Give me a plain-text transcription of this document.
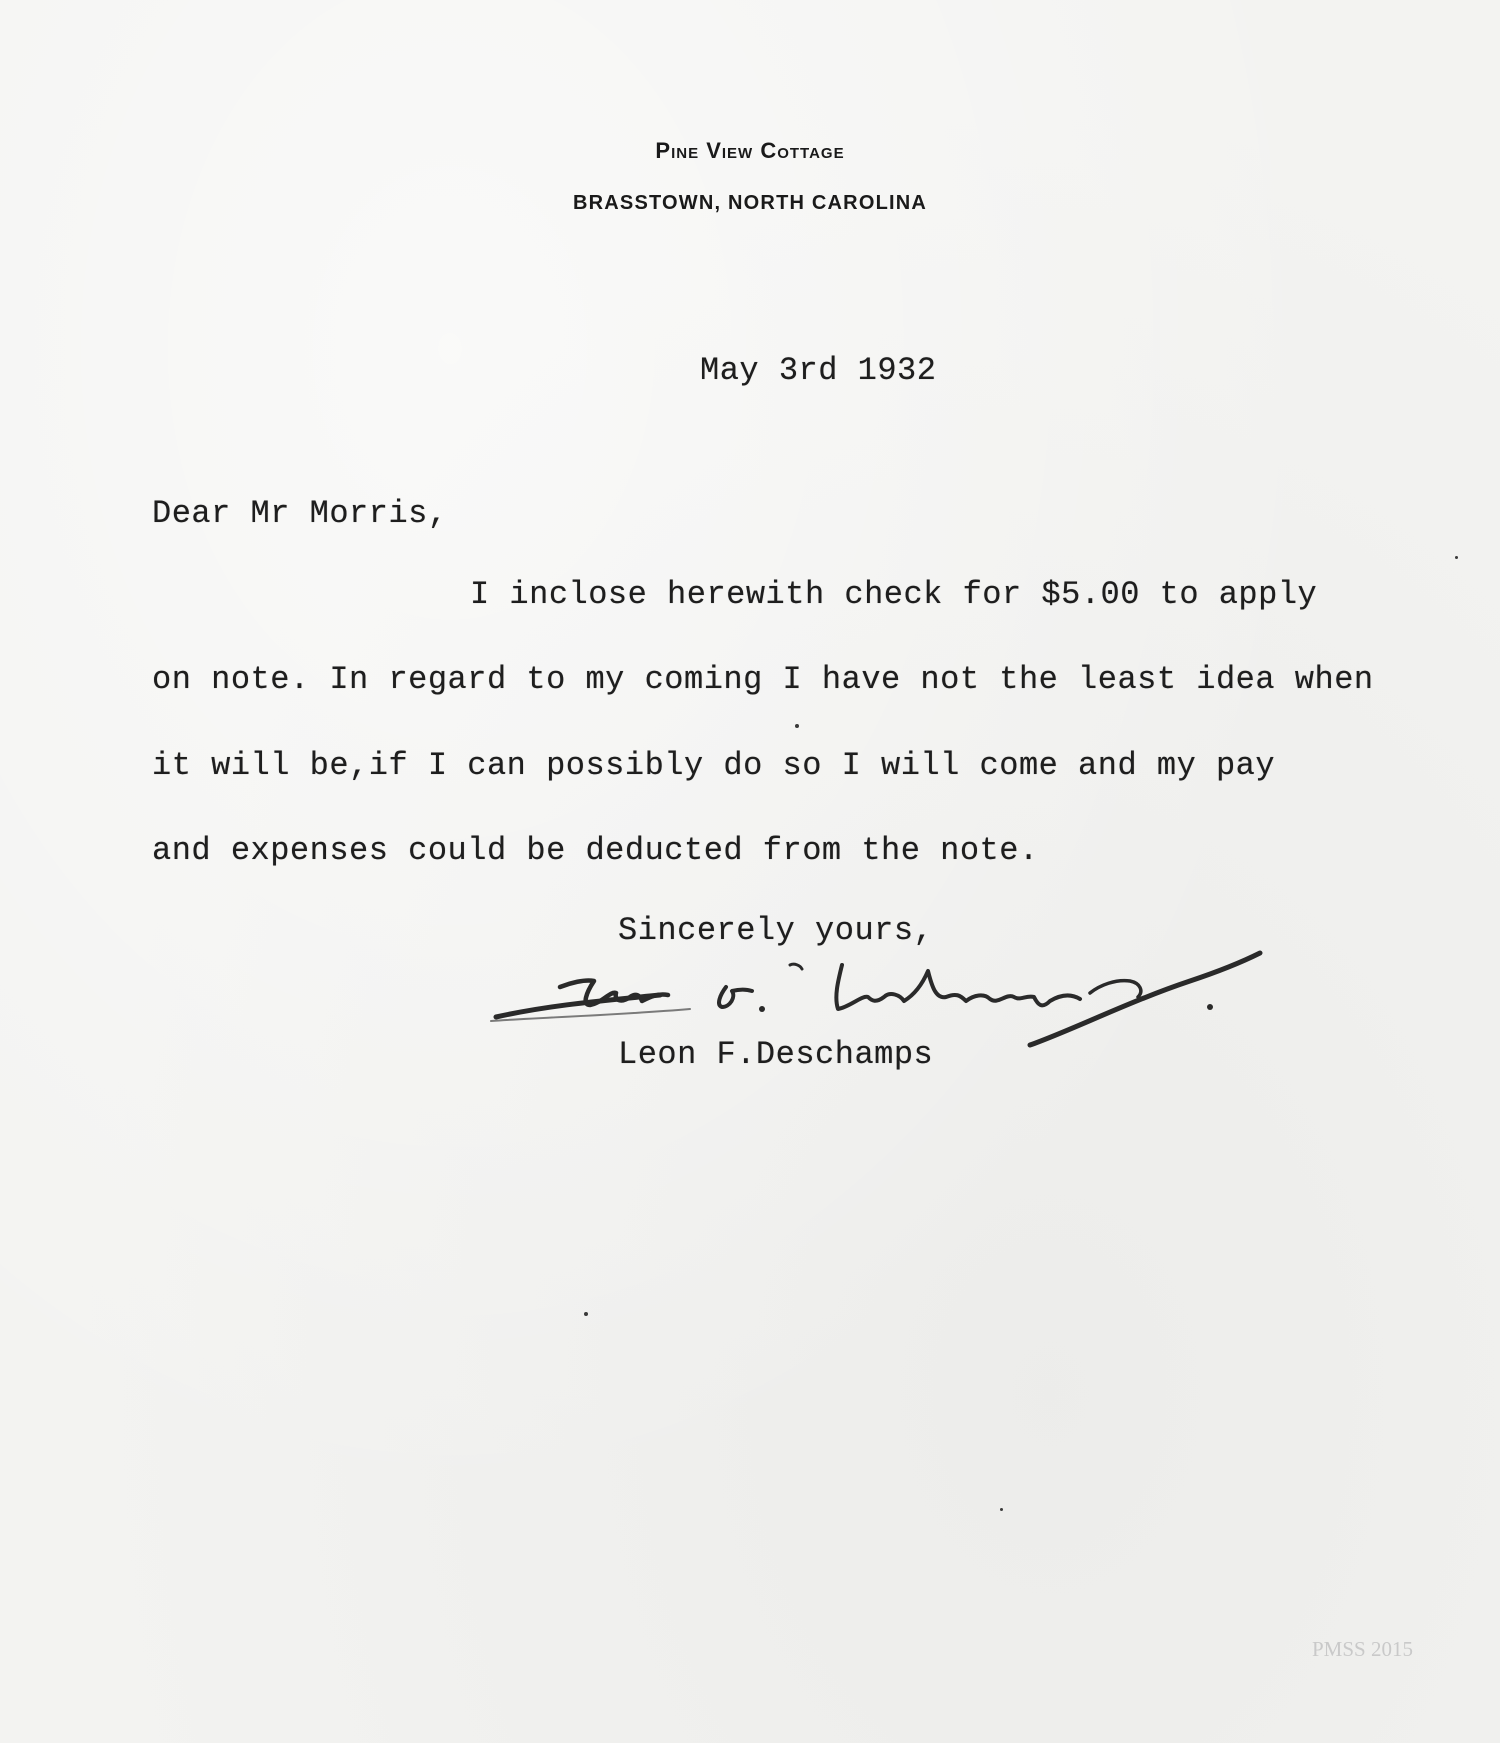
Pine View Cottage
BRASSTOWN, NORTH CAROLINA
May 3rd 1932
Dear Mr Morris,
I inclose herewith check for $5.00 to apply
on note. In regard to my coming I have not the least idea when
it will be,if I can possibly do so I will come and my pay
and expenses could be deducted from the note.
Sincerely yours,
Leon F.Deschamps
PMSS 2015
